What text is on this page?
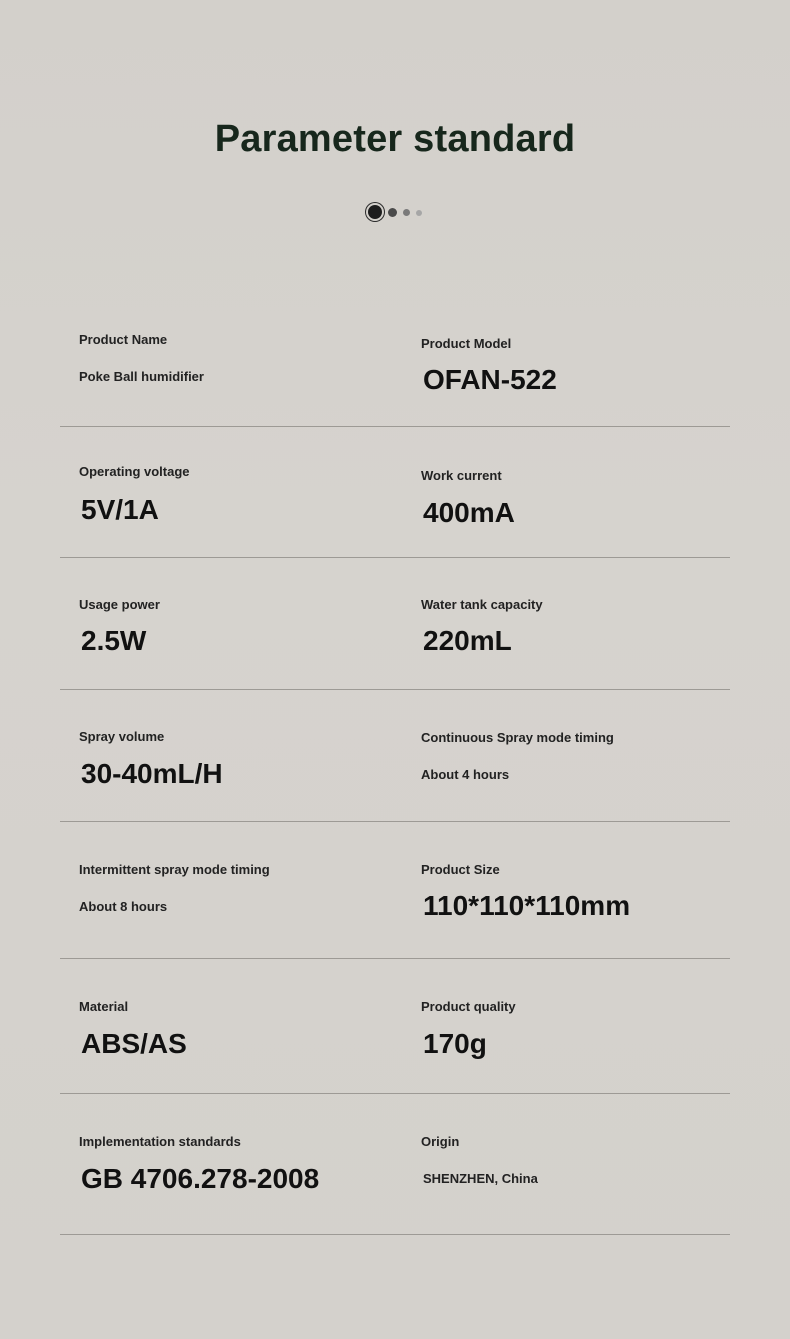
Parameter standard
Product Name
Poke Ball humidifier
Product Model
OFAN-522
Operating voltage
5V/1A
Work current
400mA
Usage power
2.5W
Water tank capacity
220mL
Spray volume
30-40mL/H
Continuous Spray mode timing
About 4 hours
Intermittent spray mode timing
About 8 hours
Product Size
110*110*110mm
Material
ABS/AS
Product quality
170g
Implementation standards
GB 4706.278-2008
Origin
SHENZHEN, China
